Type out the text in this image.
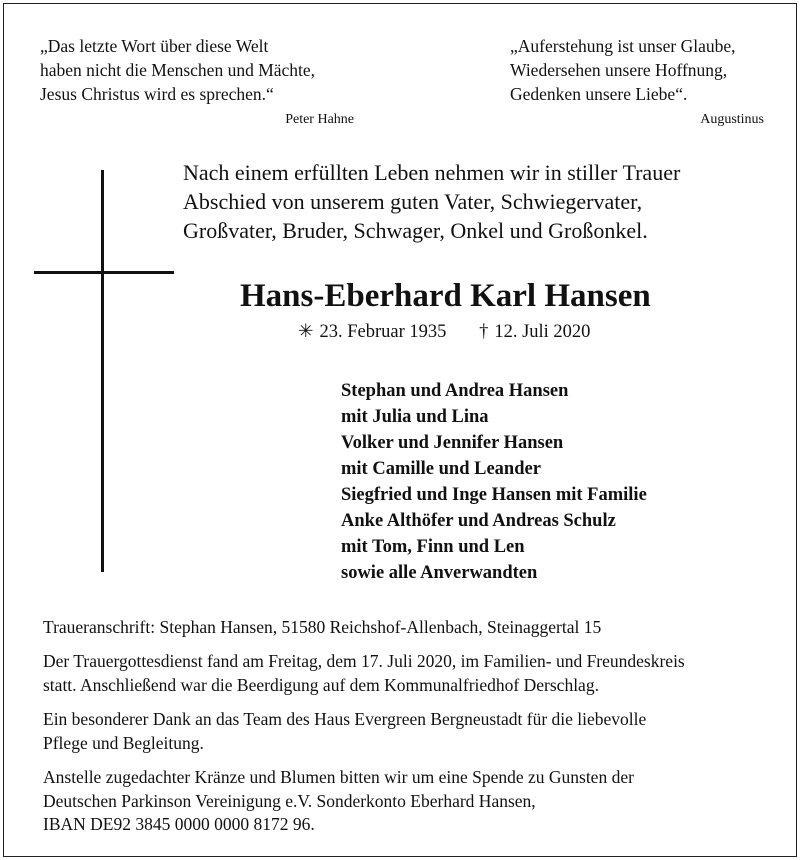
„Das letzte Wort über diese Welt
haben nicht die Menschen und Mächte,
Jesus Christus wird es sprechen.“
Peter Hahne
„Auferstehung ist unser Glaube,
Wiedersehen unsere Hoffnung,
Gedenken unsere Liebe“.
Augustinus
Nach einem erfüllten Leben nehmen wir in stiller Trauer
Abschied von unserem guten Vater, Schwiegervater,
Großvater, Bruder, Schwager, Onkel und Großonkel.
Hans-Eberhard Karl Hansen
✳ 23. Februar 1935 † 12. Juli 2020
Stephan und Andrea Hansen
mit Julia und Lina
Volker und Jennifer Hansen
mit Camille und Leander
Siegfried und Inge Hansen mit Familie
Anke Althöfer und Andreas Schulz
mit Tom, Finn und Len
sowie alle Anverwandten
Traueranschrift: Stephan Hansen, 51580 Reichshof-Allenbach, Steinaggertal 15
Der Trauergottesdienst fand am Freitag, dem 17. Juli 2020, im Familien- und Freundeskreis
statt. Anschließend war die Beerdigung auf dem Kommunalfriedhof Derschlag.
Ein besonderer Dank an das Team des Haus Evergreen Bergneustadt für die liebevolle
Pflege und Begleitung.
Anstelle zugedachter Kränze und Blumen bitten wir um eine Spende zu Gunsten der
Deutschen Parkinson Vereinigung e.V. Sonderkonto Eberhard Hansen,
IBAN DE92 3845 0000 0000 8172 96.
